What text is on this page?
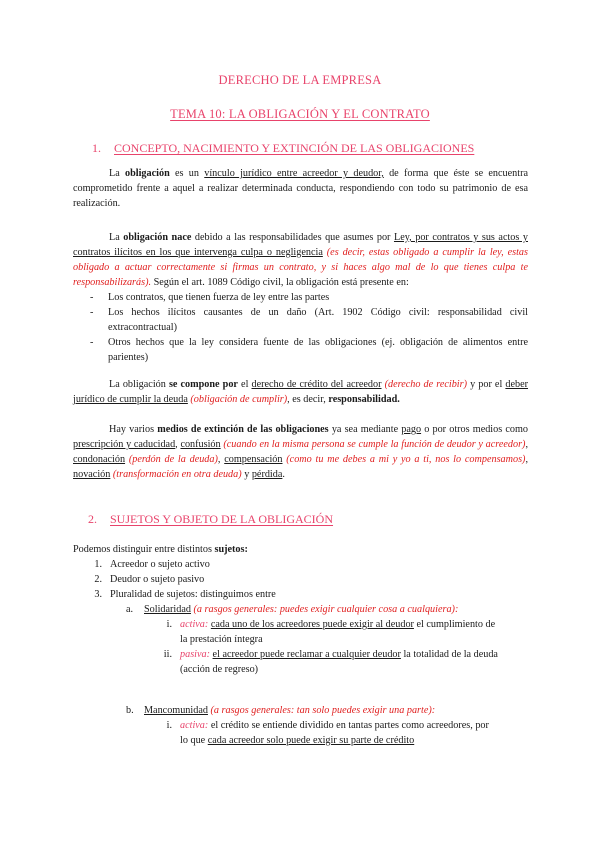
DERECHO DE LA EMPRESA
TEMA 10: LA OBLIGACIÓN Y EL CONTRATO
1. CONCEPTO, NACIMIENTO Y EXTINCIÓN DE LAS OBLIGACIONES
La obligación es un vínculo jurídico entre acreedor y deudor, de forma que éste se encuentra comprometido frente a aquel a realizar determinada conducta, respondiendo con todo su patrimonio de esa realización.
La obligación nace debido a las responsabilidades que asumes por Ley, por contratos y sus actos y contratos ilícitos en los que intervenga culpa o negligencia (es decir, estas obligado a cumplir la ley, estas obligado a actuar correctamente si firmas un contrato, y si haces algo mal de lo que tienes culpa te responsabilizarás). Según el art. 1089 Código civil, la obligación está presente en:
- Los contratos, que tienen fuerza de ley entre las partes
- Los hechos ilícitos causantes de un daño (Art. 1902 Código civil: responsabilidad civil extracontractual)
- Otros hechos que la ley considera fuente de las obligaciones (ej. obligación de alimentos entre parientes)
La obligación se compone por el derecho de crédito del acreedor (derecho de recibir) y por el deber jurídico de cumplir la deuda (obligación de cumplir), es decir, responsabilidad.
Hay varios medios de extinción de las obligaciones ya sea mediante pago o por otros medios como prescripción y caducidad, confusión (cuando en la misma persona se cumple la función de deudor y acreedor), condonación (perdón de la deuda), compensación (como tu me debes a mi y yo a ti, nos lo compensamos), novación (transformación en otra deuda) y pérdida.
2. SUJETOS Y OBJETO DE LA OBLIGACIÓN
Podemos distinguir entre distintos sujetos:
1. Acreedor o sujeto activo
2. Deudor o sujeto pasivo
3. Pluralidad de sujetos: distinguimos entre
a. Solidaridad (a rasgos generales: puedes exigir cualquier cosa a cualquiera):
i. activa: cada uno de los acreedores puede exigir al deudor el cumplimiento de
la prestación íntegra
ii. pasiva: el acreedor puede reclamar a cualquier deudor la totalidad de la deuda
(acción de regreso)
b. Mancomunidad (a rasgos generales: tan solo puedes exigir una parte):
i. activa: el crédito se entiende dividido en tantas partes como acreedores, por
lo que cada acreedor solo puede exigir su parte de crédito
